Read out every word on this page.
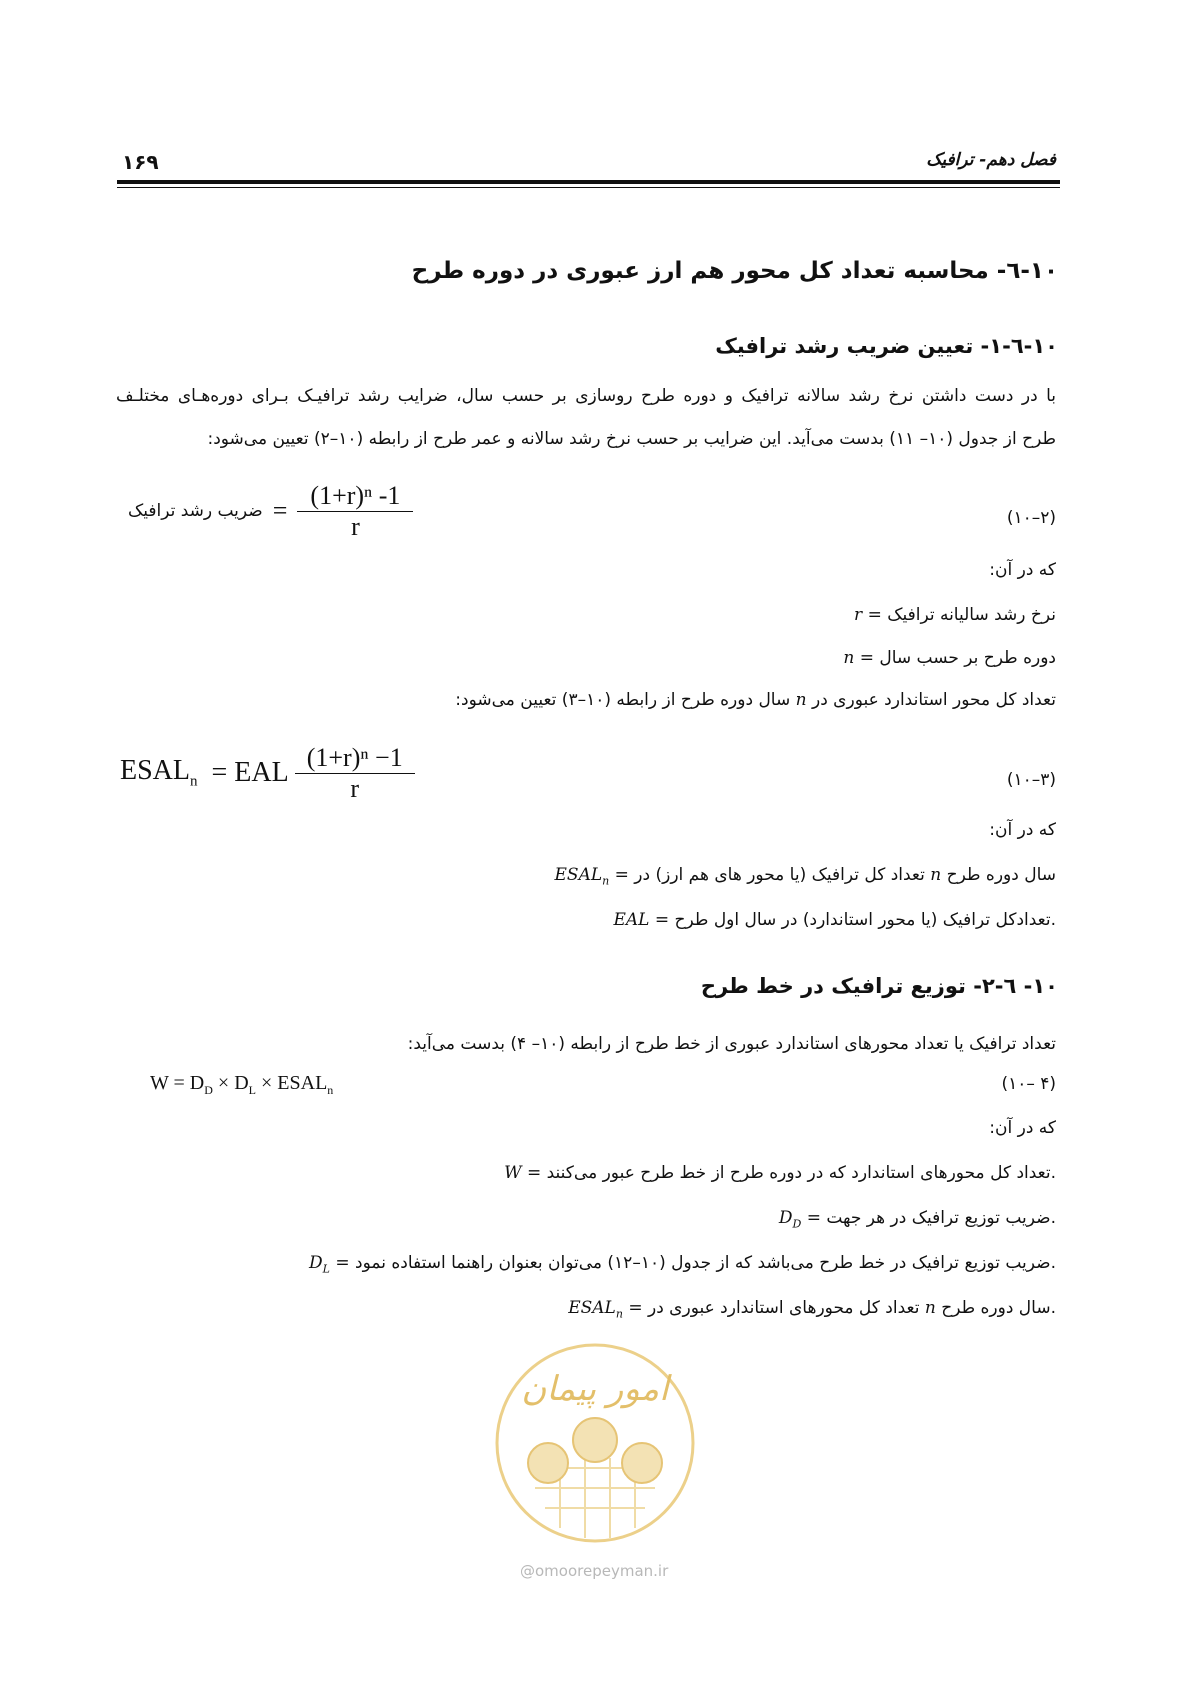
۱۶۹	فصل دهم- ترافیک
۱۰-٦- محاسبه تعداد کل محور هم ارز عبوری در دوره طرح
۱۰-٦-۱- تعیین ضریب رشد ترافیک
با در دست داشتن نرخ رشد سالانه ترافیک و دوره طرح روسازی بر حسب سال، ضرایب رشد ترافیـک بـرای دوره‌هـای مختلـف
طرح از جدول (۱۰– ۱۱) بدست می‌آید. این ضرایب بر حسب نرخ رشد سالانه و عمر طرح از رابطه (۱۰–۲) تعیین می‌شود:
ضریب رشد ترافیک = $\frac{\text{(1+r)ⁿ -1}}{r}$	(۱۰–۲)
که در آن:
r = نرخ رشد سالیانه ترافیک
n = دوره طرح بر حسب سال
تعداد کل محور استاندارد عبوری در n سال دوره طرح از رابطه (۱۰–۳) تعیین می‌شود:
$ESAL_n$ = EAL $\frac{\text{(1+r)ⁿ −1}}{r}$	(۱۰–۳)
که در آن:
$ESAL_n$ = تعداد کل ترافیک (یا محور های هم ارز) در n سال دوره طرح
EAL = تعدادکل ترافیک (یا محور استاندارد) در سال اول طرح.
۱۰- ٦-۲- توزیع ترافیک در خط طرح
تعداد ترافیک یا تعداد محورهای استاندارد عبوری از خط طرح از رابطه (۱۰– ۴) بدست می‌آید:
$W = D_D \times D_L$ × $ESAL_n$	(۱۰– ۴)
که در آن:
W = تعداد کل محورهای استاندارد که در دوره طرح از خط طرح عبور می‌کنند.
$D_D$ = ضریب توزیع ترافیک در هر جهت.
$D_L$ = ضریب توزیع ترافیک در خط طرح می‌باشد که از جدول (۱۰–۱۲) می‌توان بعنوان راهنما استفاده نمود.
$ESAL_n$ = تعداد کل محورهای استاندارد عبوری در n سال دوره طرح.
امور پیمان
@omoorepeyman.ir
